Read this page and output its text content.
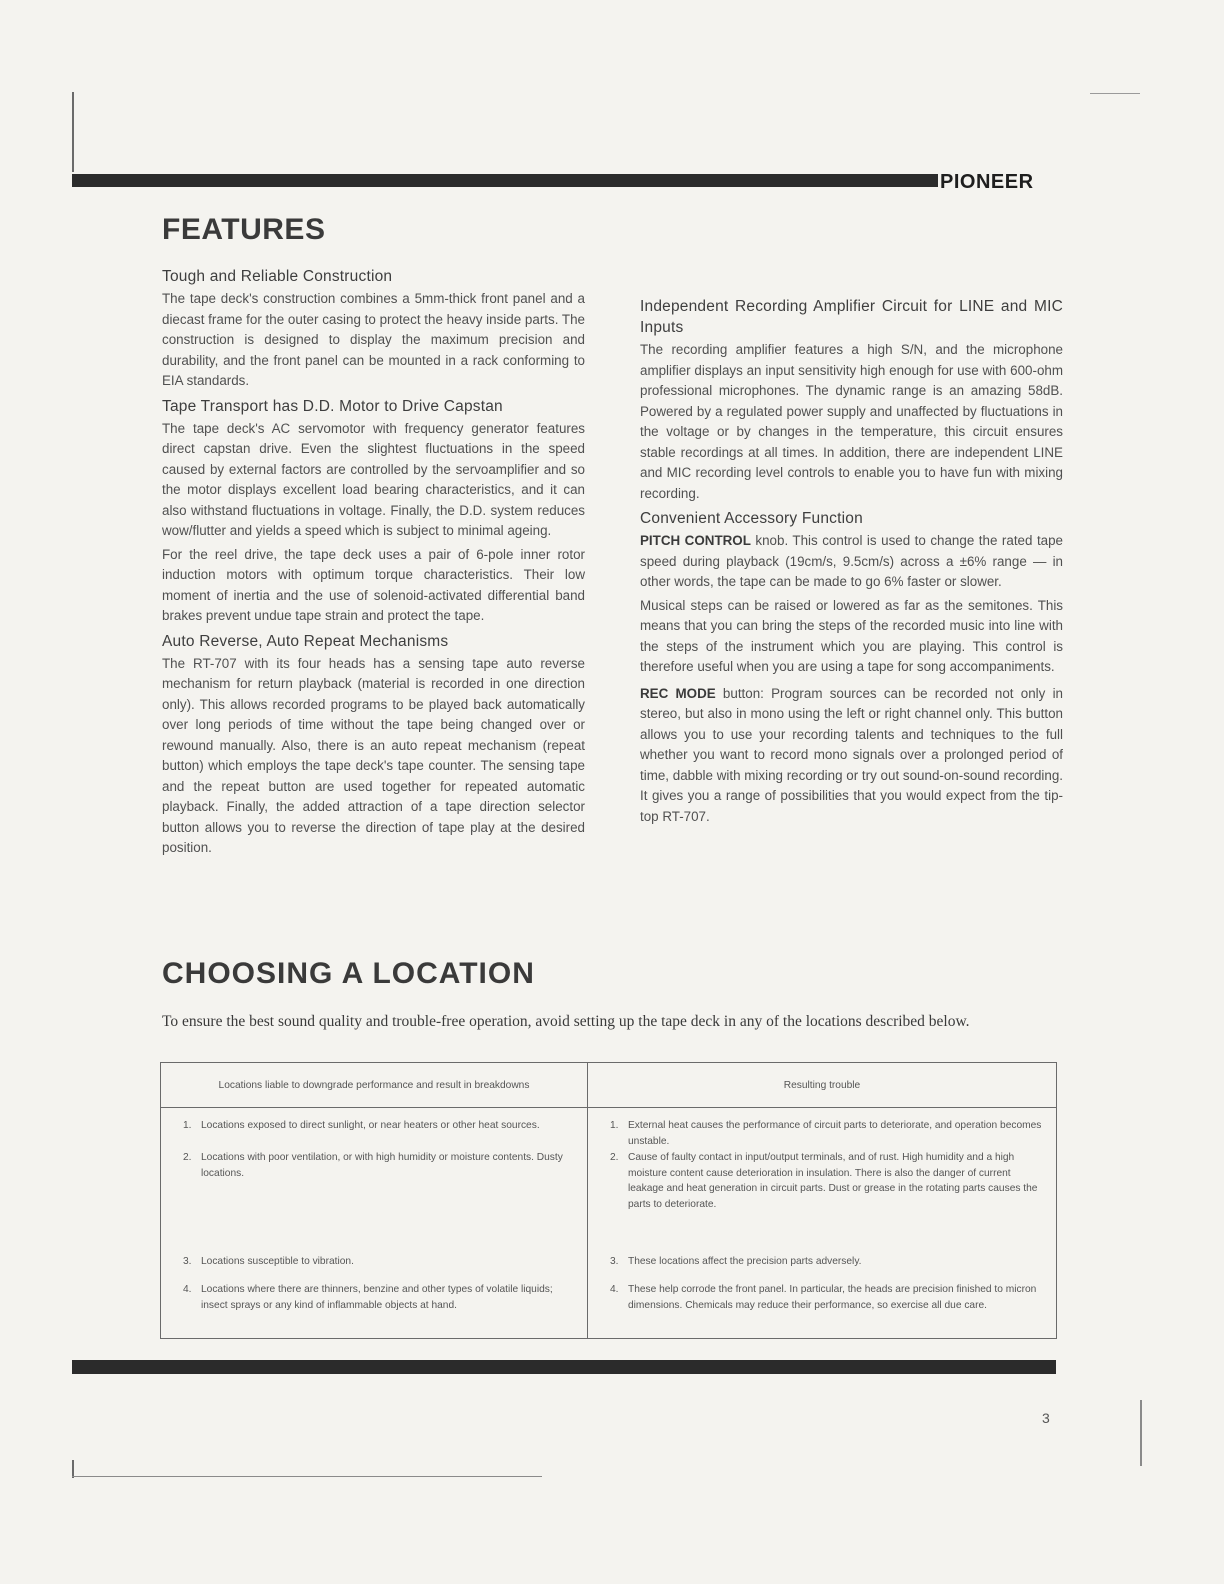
PIONEER
FEATURES
Tough and Reliable Construction

The tape deck's construction combines a 5mm-thick front panel and a diecast frame for the outer casing to protect the heavy inside parts. The construction is designed to display the maximum precision and durability, and the front panel can be mounted in a rack conforming to EIA standards.

Tape Transport has D.D. Motor to Drive Capstan

The tape deck's AC servomotor with frequency generator features direct capstan drive. Even the slightest fluctuations in the speed caused by external factors are controlled by the servoamplifier and so the motor displays excellent load bearing characteristics, and it can also withstand fluctuations in voltage. Finally, the D.D. system reduces wow/flutter and yields a speed which is subject to minimal ageing.

For the reel drive, the tape deck uses a pair of 6-pole inner rotor induction motors with optimum torque characteristics. Their low moment of inertia and the use of solenoid-activated differential band brakes prevent undue tape strain and protect the tape.

Auto Reverse, Auto Repeat Mechanisms

The RT-707 with its four heads has a sensing tape auto reverse mechanism for return playback (material is recorded in one direction only). This allows recorded programs to be played back automatically over long periods of time without the tape being changed over or rewound manually. Also, there is an auto repeat mechanism (repeat button) which employs the tape deck's tape counter. The sensing tape and the repeat button are used together for repeated automatic playback. Finally, the added attraction of a tape direction selector button allows you to reverse the direction of tape play at the desired position.

Independent Recording Amplifier Circuit for LINE and MIC Inputs

The recording amplifier features a high S/N, and the microphone amplifier displays an input sensitivity high enough for use with 600-ohm professional microphones. The dynamic range is an amazing 58dB. Powered by a regulated power supply and unaffected by fluctuations in the voltage or by changes in the temperature, this circuit ensures stable recordings at all times. In addition, there are independent LINE and MIC recording level controls to enable you to have fun with mixing recording.

Convenient Accessory Function

PITCH CONTROL knob. This control is used to change the rated tape speed during playback (19cm/s, 9.5cm/s) across a ±6% range — in other words, the tape can be made to go 6% faster or slower.

Musical steps can be raised or lowered as far as the semitones. This means that you can bring the steps of the recorded music into line with the steps of the instrument which you are playing. This control is therefore useful when you are using a tape for song accompaniments.

REC MODE button: Program sources can be recorded not only in stereo, but also in mono using the left or right channel only. This button allows you to use your recording talents and techniques to the full whether you want to record mono signals over a prolonged period of time, dabble with mixing recording or try out sound-on-sound recording. It gives you a range of possibilities that you would expect from the tip-top RT-707.

CHOOSING A LOCATION
To ensure the best sound quality and trouble-free operation, avoid setting up the tape deck in any of the locations described below.
Locations liable to downgrade performance and result in breakdowns	Resulting trouble

1. Locations exposed to direct sunlight, or near heaters or other heat sources.	1. External heat causes the performance of circuit parts to deteriorate, and operation becomes unstable.

2. Locations with poor ventilation, or with high humidity or moisture contents. Dusty locations.	2. Cause of faulty contact in input/output terminals, and of rust. High humidity and a high moisture content cause deterioration in insulation. There is also the danger of current leakage and heat generation in circuit parts. Dust or grease in the rotating parts causes the parts to deteriorate.

3. Locations susceptible to vibration.	3. These locations affect the precision parts adversely.

4. Locations where there are thinners, benzine and other types of volatile liquids; insect sprays or any kind of inflammable objects at hand.	4. These help corrode the front panel. In particular, the heads are precision finished to micron dimensions. Chemicals may reduce their performance, so exercise all due care.
3
